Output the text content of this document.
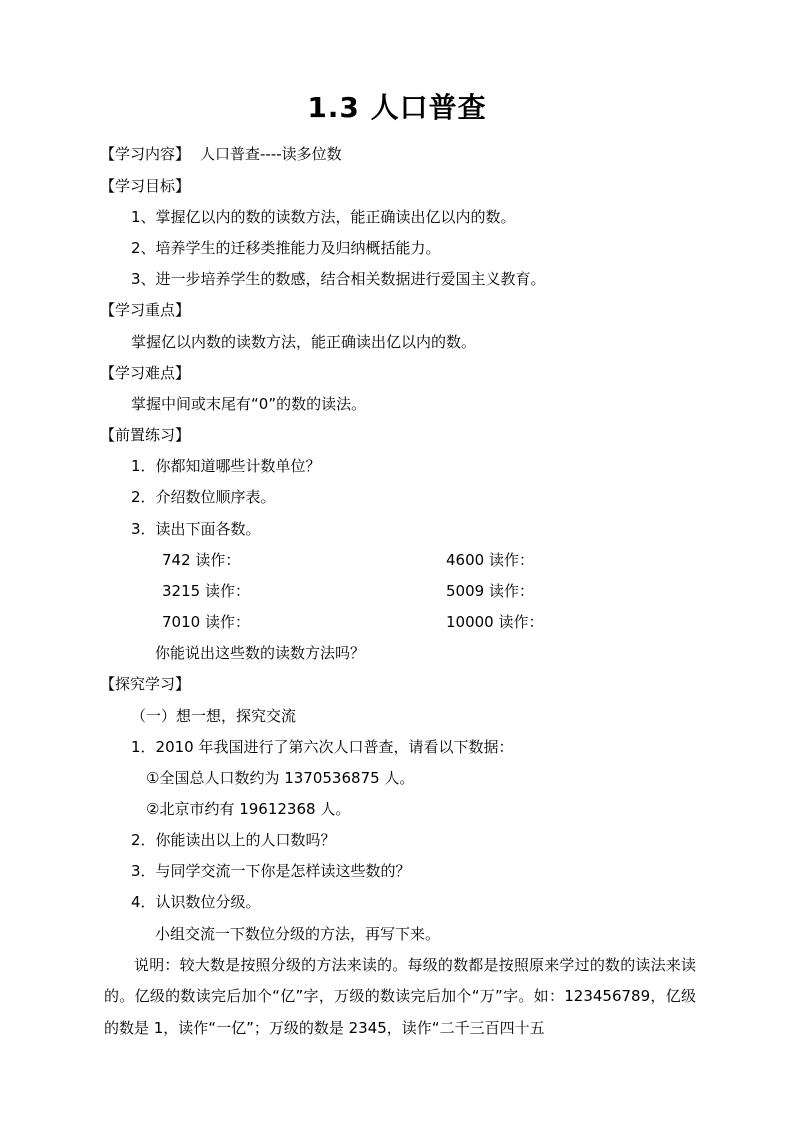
1.3 人口普查
【学习内容】 人口普查----读多位数
【学习目标】
1、掌握亿以内的数的读数方法，能正确读出亿以内的数。
2、培养学生的迁移类推能力及归纳概括能力。
3、进一步培养学生的数感，结合相关数据进行爱国主义教育。
【学习重点】
掌握亿以内数的读数方法，能正确读出亿以内的数。
【学习难点】
掌握中间或末尾有“0”的数的读法。
【前置练习】
1．你都知道哪些计数单位？
2．介绍数位顺序表。
3．读出下面各数。
742 读作：	4600 读作：
3215 读作：	5009 读作：
7010 读作：	10000 读作：
你能说出这些数的读数方法吗？
【探究学习】
（一）想一想，探究交流
1．2010 年我国进行了第六次人口普查，请看以下数据：
①全国总人口数约为 1370536875 人。
②北京市约有 19612368 人。
2．你能读出以上的人口数吗？
3．与同学交流一下你是怎样读这些数的？
4．认识数位分级。
小组交流一下数位分级的方法，再写下来。
说明：较大数是按照分级的方法来读的。每级的数都是按照原来学过的数的读法来读的。亿级的数读完后加个“亿”字，万级的数读完后加个“万”字。如：123456789，亿级的数是 1，读作“一亿”；万级的数是 2345，读作“二千三百四十五
